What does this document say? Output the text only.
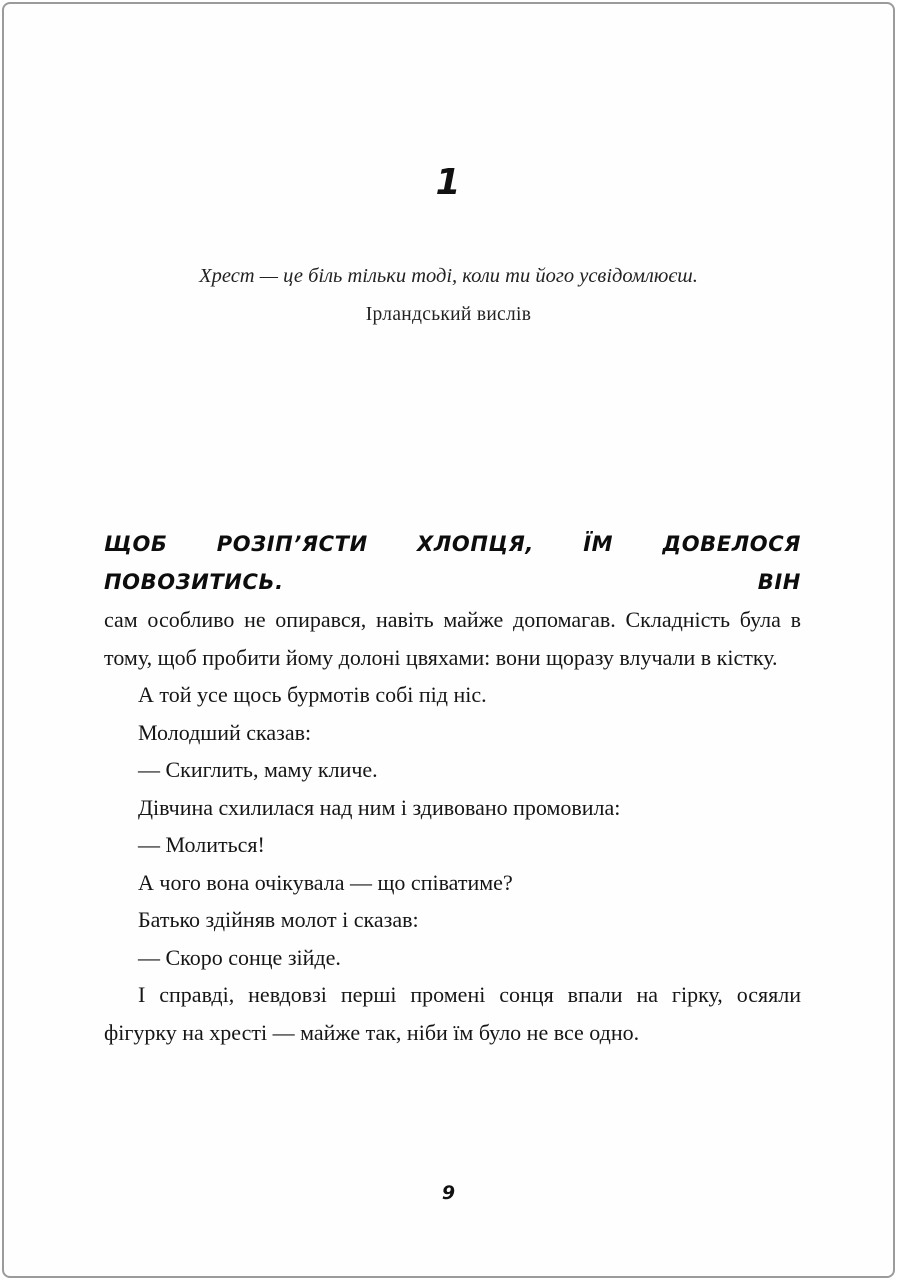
1
Хрест — це біль тільки тоді, коли ти його усвідомлюєш.
Ірландський вислів
ЩОБ РОЗІП’ЯСТИ ХЛОПЦЯ, ЇМ ДОВЕЛОСЯ ПОВОЗИТИСЬ. ВІН
сам особливо не опирався, навіть майже допомагав. Складність була в тому, щоб пробити йому долоні цвяхами: вони щоразу влучали в кістку.

А той усе щось бурмотів собі під ніс.

Молодший сказав:

— Скиглить, маму кличе.

Дівчина схилилася над ним і здивовано промовила:

— Молиться!

А чого вона очікувала — що співатиме?

Батько здійняв молот і сказав:

— Скоро сонце зійде.

І справді, невдовзі перші промені сонця впали на гірку, осяяли фігурку на хресті — майже так, ніби їм було не все одно.

9
